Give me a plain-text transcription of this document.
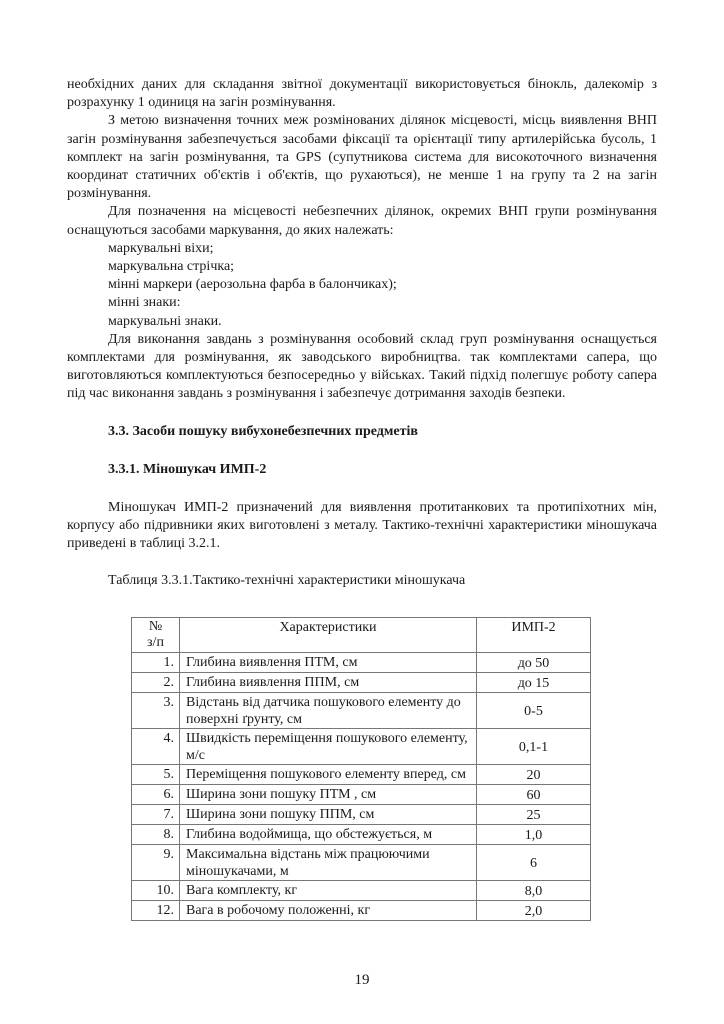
необхідних даних для складання звітної документації використовується бінокль, далекомір з розрахунку 1 одиниця на загін розмінування.

З метою визначення точних меж розмінованих ділянок місцевості, місць виявлення ВНП загін розмінування забезпечується засобами фіксації та орієнтації типу артилерійська бусоль, 1 комплект на загін розмінування, та GPS (супутникова система для високоточного визначення координат статичних об'єктів і об'єктів, що рухаються), не менше 1 на групу та 2 на загін розмінування.

Для позначення на місцевості небезпечних ділянок, окремих ВНП групи розмінування оснащуються засобами маркування, до яких належать:

маркувальні віхи;

маркувальна стрічка;

мінні маркери (аерозольна фарба в балончиках);

мінні знаки:

маркувальні знаки.

Для виконання завдань з розмінування особовий склад груп розмінування оснащується комплектами для розмінування, як заводського виробництва. так комплектами сапера, що виготовляються комплектуються безпосередньо у військах. Такий підхід полегшує роботу сапера під час виконання завдань з розмінування і забезпечує дотримання заходів безпеки.

3.3. Засоби пошуку вибухонебезпечних предметів

3.3.1. Міношукач ИМП-2

Міношукач ИМП-2 призначений для виявлення протитанкових та протипіхотних мін, корпусу або підривники яких виготовлені з металу. Тактико-технічні характеристики міношукача приведені в таблиці 3.2.1.

Таблиця 3.3.1.Тактико-технічні характеристики міношукача

№
з/п	Характеристики	ИМП-2
1.	Глибина виявлення ПТМ, см	до 50
2.	Глибина виявлення ППМ, см	до 15
3.	Відстань від датчика пошукового елементу до поверхні ґрунту, см	0-5
4.	Швидкість переміщення пошукового елементу, м/с	0,1-1
5.	Переміщення пошукового елементу вперед, см	20
6.	Ширина зони пошуку ПТМ , см	60
7.	Ширина зони пошуку ППМ, см	25
8.	Глибина водоймища, що обстежується, м	1,0
9.	Максимальна відстань між працюючими міношукачами, м	6
10.	Вага комплекту, кг	8,0
12.	Вага в робочому положенні, кг	2,0
19
